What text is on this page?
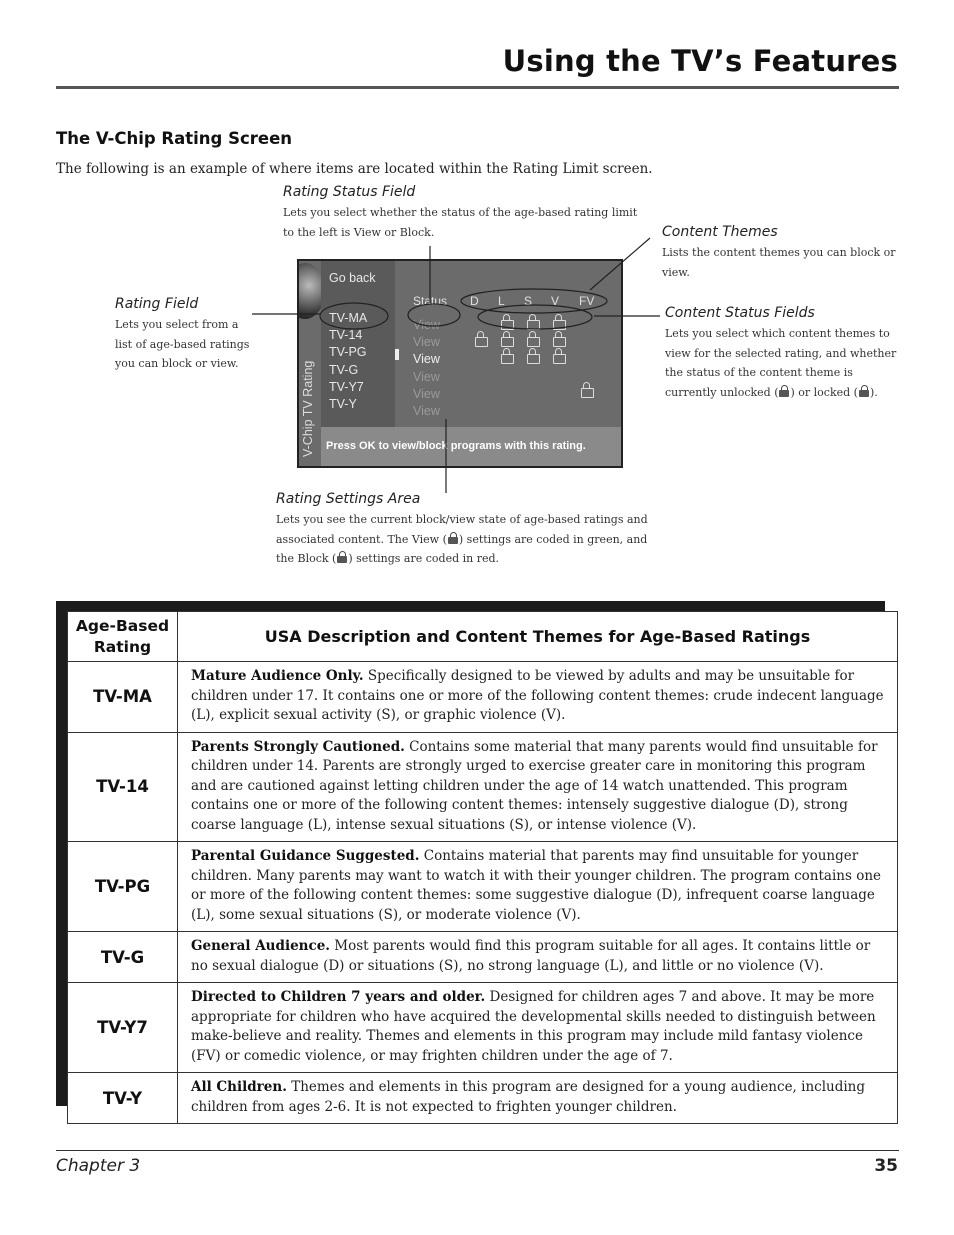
Using the TV’s Features
The V-Chip Rating Screen
The following is an example of where items are located within the Rating Limit screen.
Rating Status Field
Lets you select whether the status of the age-based rating limit to the left is View or Block.	Content Themes
Lists the content themes you can block or view.
Rating Field
Lets you select from a list of age-based ratings you can block or view.
Content Status Fields
Lets you select which content themes to view for the selected rating, and whether the status of the content theme is currently unlocked ( ) or locked ( ).
Rating Settings Area
Lets you see the current block/view state of age-based ratings and associated content. The View ( ) settings are coded in green, and the Block ( ) settings are coded in red.
V-Chip TV Rating
Go back
TV-MA
TV-14
TV-PG
TV-G
TV-Y7
TV-Y
Status D L S V FV
View
View
View
View
View
View
Press OK to view/block programs with this rating.
Age-Based Rating	USA Description and Content Themes for Age-Based Ratings
TV-MA	Mature Audience Only. Specifically designed to be viewed by adults and may be unsuitable for children under 17. It contains one or more of the following content themes: crude indecent language (L), explicit sexual activity (S), or graphic violence (V).
TV-14	Parents Strongly Cautioned. Contains some material that many parents would find unsuitable for children under 14. Parents are strongly urged to exercise greater care in monitoring this program and are cautioned against letting children under the age of 14 watch unattended. This program contains one or more of the following content themes: intensely suggestive dialogue (D), strong coarse language (L), intense sexual situations (S), or intense violence (V).
TV-PG	Parental Guidance Suggested. Contains material that parents may find unsuitable for younger children. Many parents may want to watch it with their younger children. The program contains one or more of the following content themes: some suggestive dialogue (D), infrequent coarse language (L), some sexual situations (S), or moderate violence (V).
TV-G	General Audience. Most parents would find this program suitable for all ages. It contains little or no sexual dialogue (D) or situations (S), no strong language (L), and little or no violence (V).
TV-Y7	Directed to Children 7 years and older. Designed for children ages 7 and above. It may be more appropriate for children who have acquired the developmental skills needed to distinguish between make-believe and reality. Themes and elements in this program may include mild fantasy violence (FV) or comedic violence, or may frighten children under the age of 7.
TV-Y	All Children. Themes and elements in this program are designed for a young audience, including children from ages 2-6. It is not expected to frighten younger children.
Chapter 3	35
